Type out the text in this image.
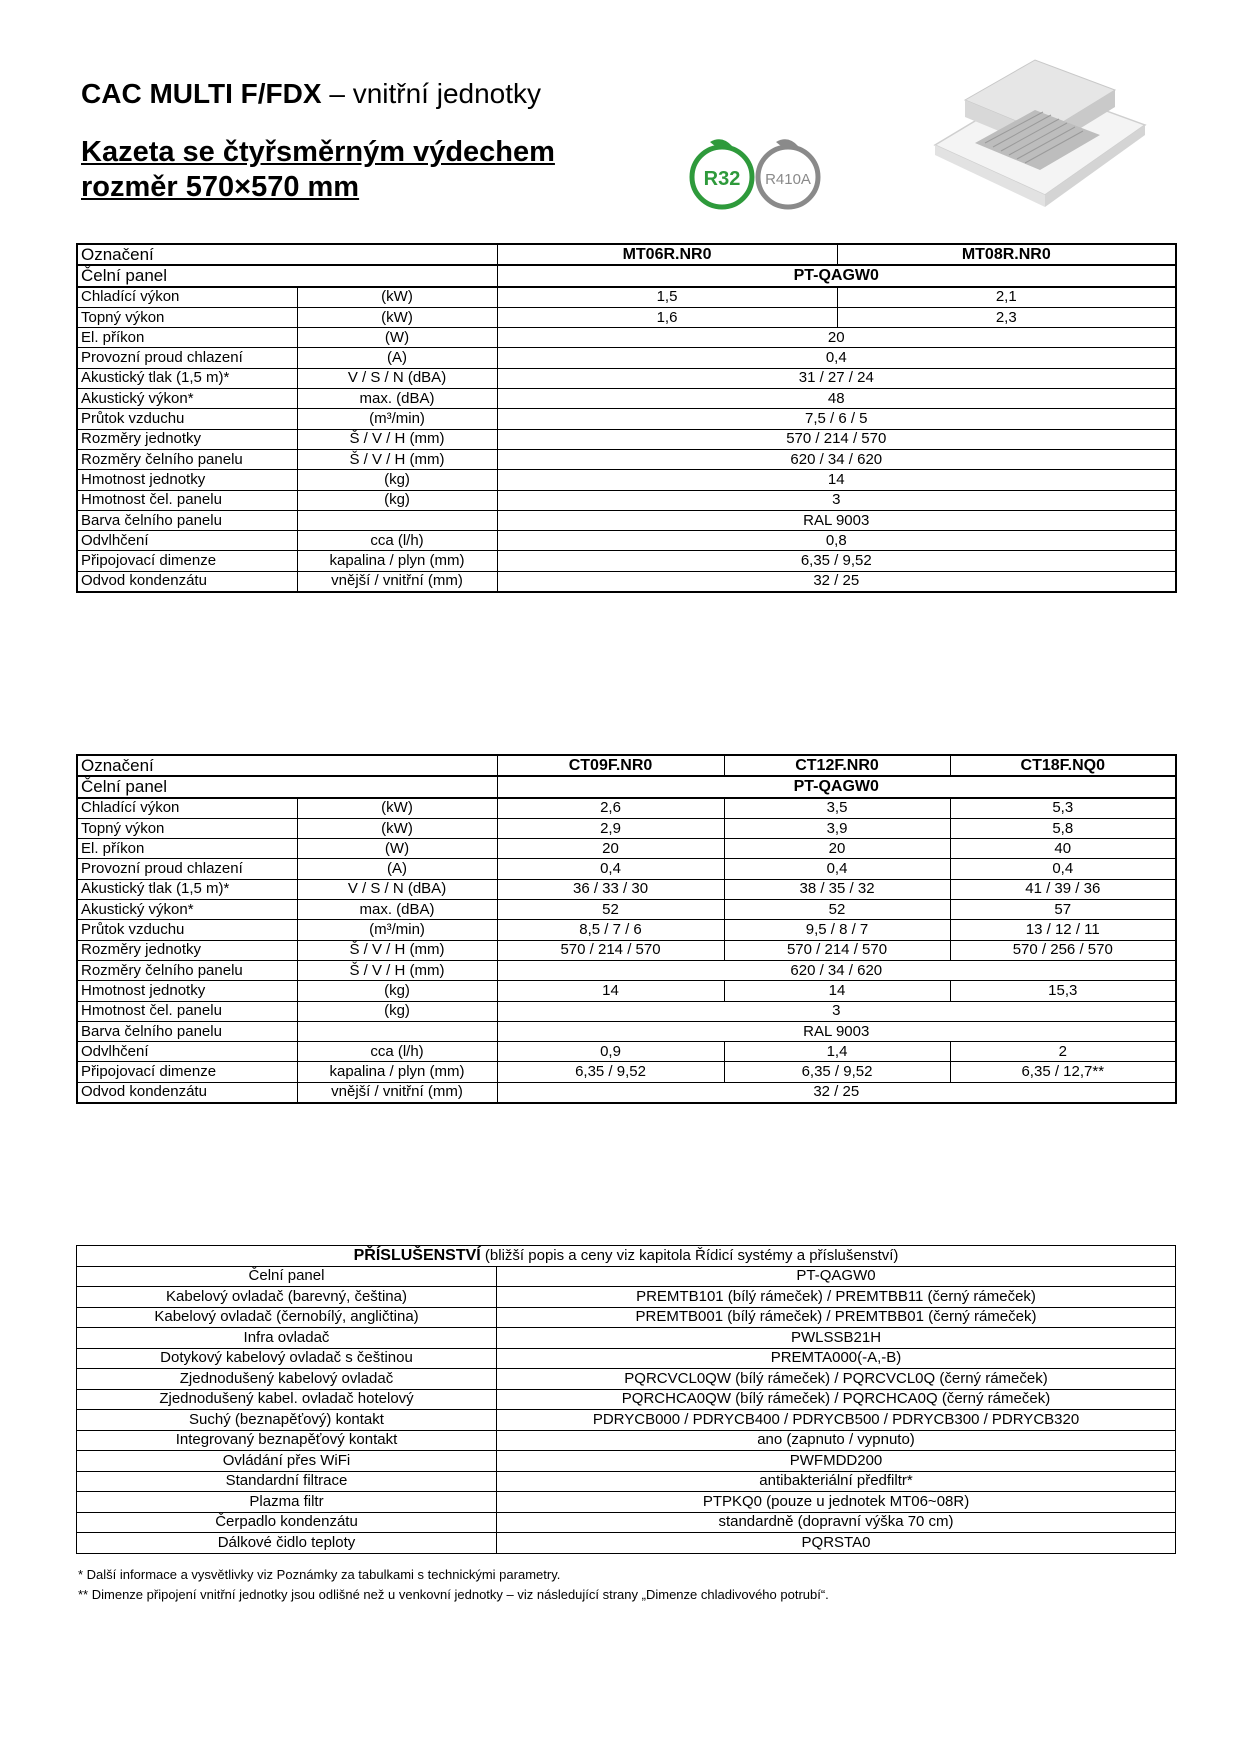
CAC MULTI F/FDX – vnitřní jednotky
Kazeta se čtyřsměrným výdechem
rozměr 570×570 mm	R32 R410A
Označení		MT06R.NR0	MT08R.NR0
Čelní panel		PT-QAGW0	
Chladící výkon	(kW)	1,5	2,1
Topný výkon	(kW)	1,6	2,3
El. příkon	(W)	20	
Provozní proud chlazení	(A)	0,4	
Akustický tlak (1,5 m)*	V / S / N (dBA)	31 / 27 / 24	
Akustický výkon*	max. (dBA)	48	
Průtok vzduchu	(m³/min)	7,5 / 6 / 5	
Rozměry jednotky	Š / V / H (mm)	570 / 214 / 570	
Rozměry čelního panelu	Š / V / H (mm)	620 / 34 / 620	
Hmotnost jednotky	(kg)	14	
Hmotnost čel. panelu	(kg)	3	
Barva čelního panelu		RAL 9003	
Odvlhčení	cca (l/h)	0,8	
Připojovací dimenze	kapalina / plyn (mm)	6,35 / 9,52	
Odvod kondenzátu	vnější / vnitřní (mm)	32 / 25	
Označení		CT09F.NR0	CT12F.NR0	CT18F.NQ0
Čelní panel		PT-QAGW0		
Chladící výkon	(kW)	2,6	3,5	5,3
Topný výkon	(kW)	2,9	3,9	5,8
El. příkon	(W)	20	20	40
Provozní proud chlazení	(A)	0,4	0,4	0,4
Akustický tlak (1,5 m)*	V / S / N (dBA)	36 / 33 / 30	38 / 35 / 32	41 / 39 / 36
Akustický výkon*	max. (dBA)	52	52	57
Průtok vzduchu	(m³/min)	8,5 / 7 / 6	9,5 / 8 / 7	13 / 12 / 11
Rozměry jednotky	Š / V / H (mm)	570 / 214 / 570	570 / 214 / 570	570 / 256 / 570
Rozměry čelního panelu	Š / V / H (mm)	620 / 34 / 620		
Hmotnost jednotky	(kg)	14	14	15,3
Hmotnost čel. panelu	(kg)	3		
Barva čelního panelu		RAL 9003		
Odvlhčení	cca (l/h)	0,9	1,4	2
Připojovací dimenze	kapalina / plyn (mm)	6,35 / 9,52	6,35 / 9,52	6,35 / 12,7**
Odvod kondenzátu	vnější / vnitřní (mm)	32 / 25		
PŘÍSLUŠENSTVÍ (bližší popis a ceny viz kapitola Řídicí systémy a příslušenství)	
Čelní panel	PT-QAGW0
Kabelový ovladač (barevný, čeština)	PREMTB101 (bílý rámeček) / PREMTBB11 (černý rámeček)
Kabelový ovladač (černobílý, angličtina)	PREMTB001 (bílý rámeček) / PREMTBB01 (černý rámeček)
Infra ovladač	PWLSSB21H
Dotykový kabelový ovladač s češtinou	PREMTA000(-A,-B)
Zjednodušený kabelový ovladač	PQRCVCL0QW (bílý rámeček) / PQRCVCL0Q (černý rámeček)
Zjednodušený kabel. ovladač hotelový	PQRCHCA0QW (bílý rámeček) / PQRCHCA0Q (černý rámeček)
Suchý (beznapěťový) kontakt	PDRYCB000 / PDRYCB400 / PDRYCB500 / PDRYCB300 / PDRYCB320
Integrovaný beznapěťový kontakt	ano (zapnuto / vypnuto)
Ovládání přes WiFi	PWFMDD200
Standardní filtrace	antibakteriální předfiltr*
Plazma filtr	PTPKQ0 (pouze u jednotek MT06~08R)
Čerpadlo kondenzátu	standardně (dopravní výška 70 cm)
Dálkové čidlo teploty	PQRSTA0
* Další informace a vysvětlivky viz Poznámky za tabulkami s technickými parametry.
** Dimenze připojení vnitřní jednotky jsou odlišné než u venkovní jednotky – viz následující strany „Dimenze chladivového potrubí“.
